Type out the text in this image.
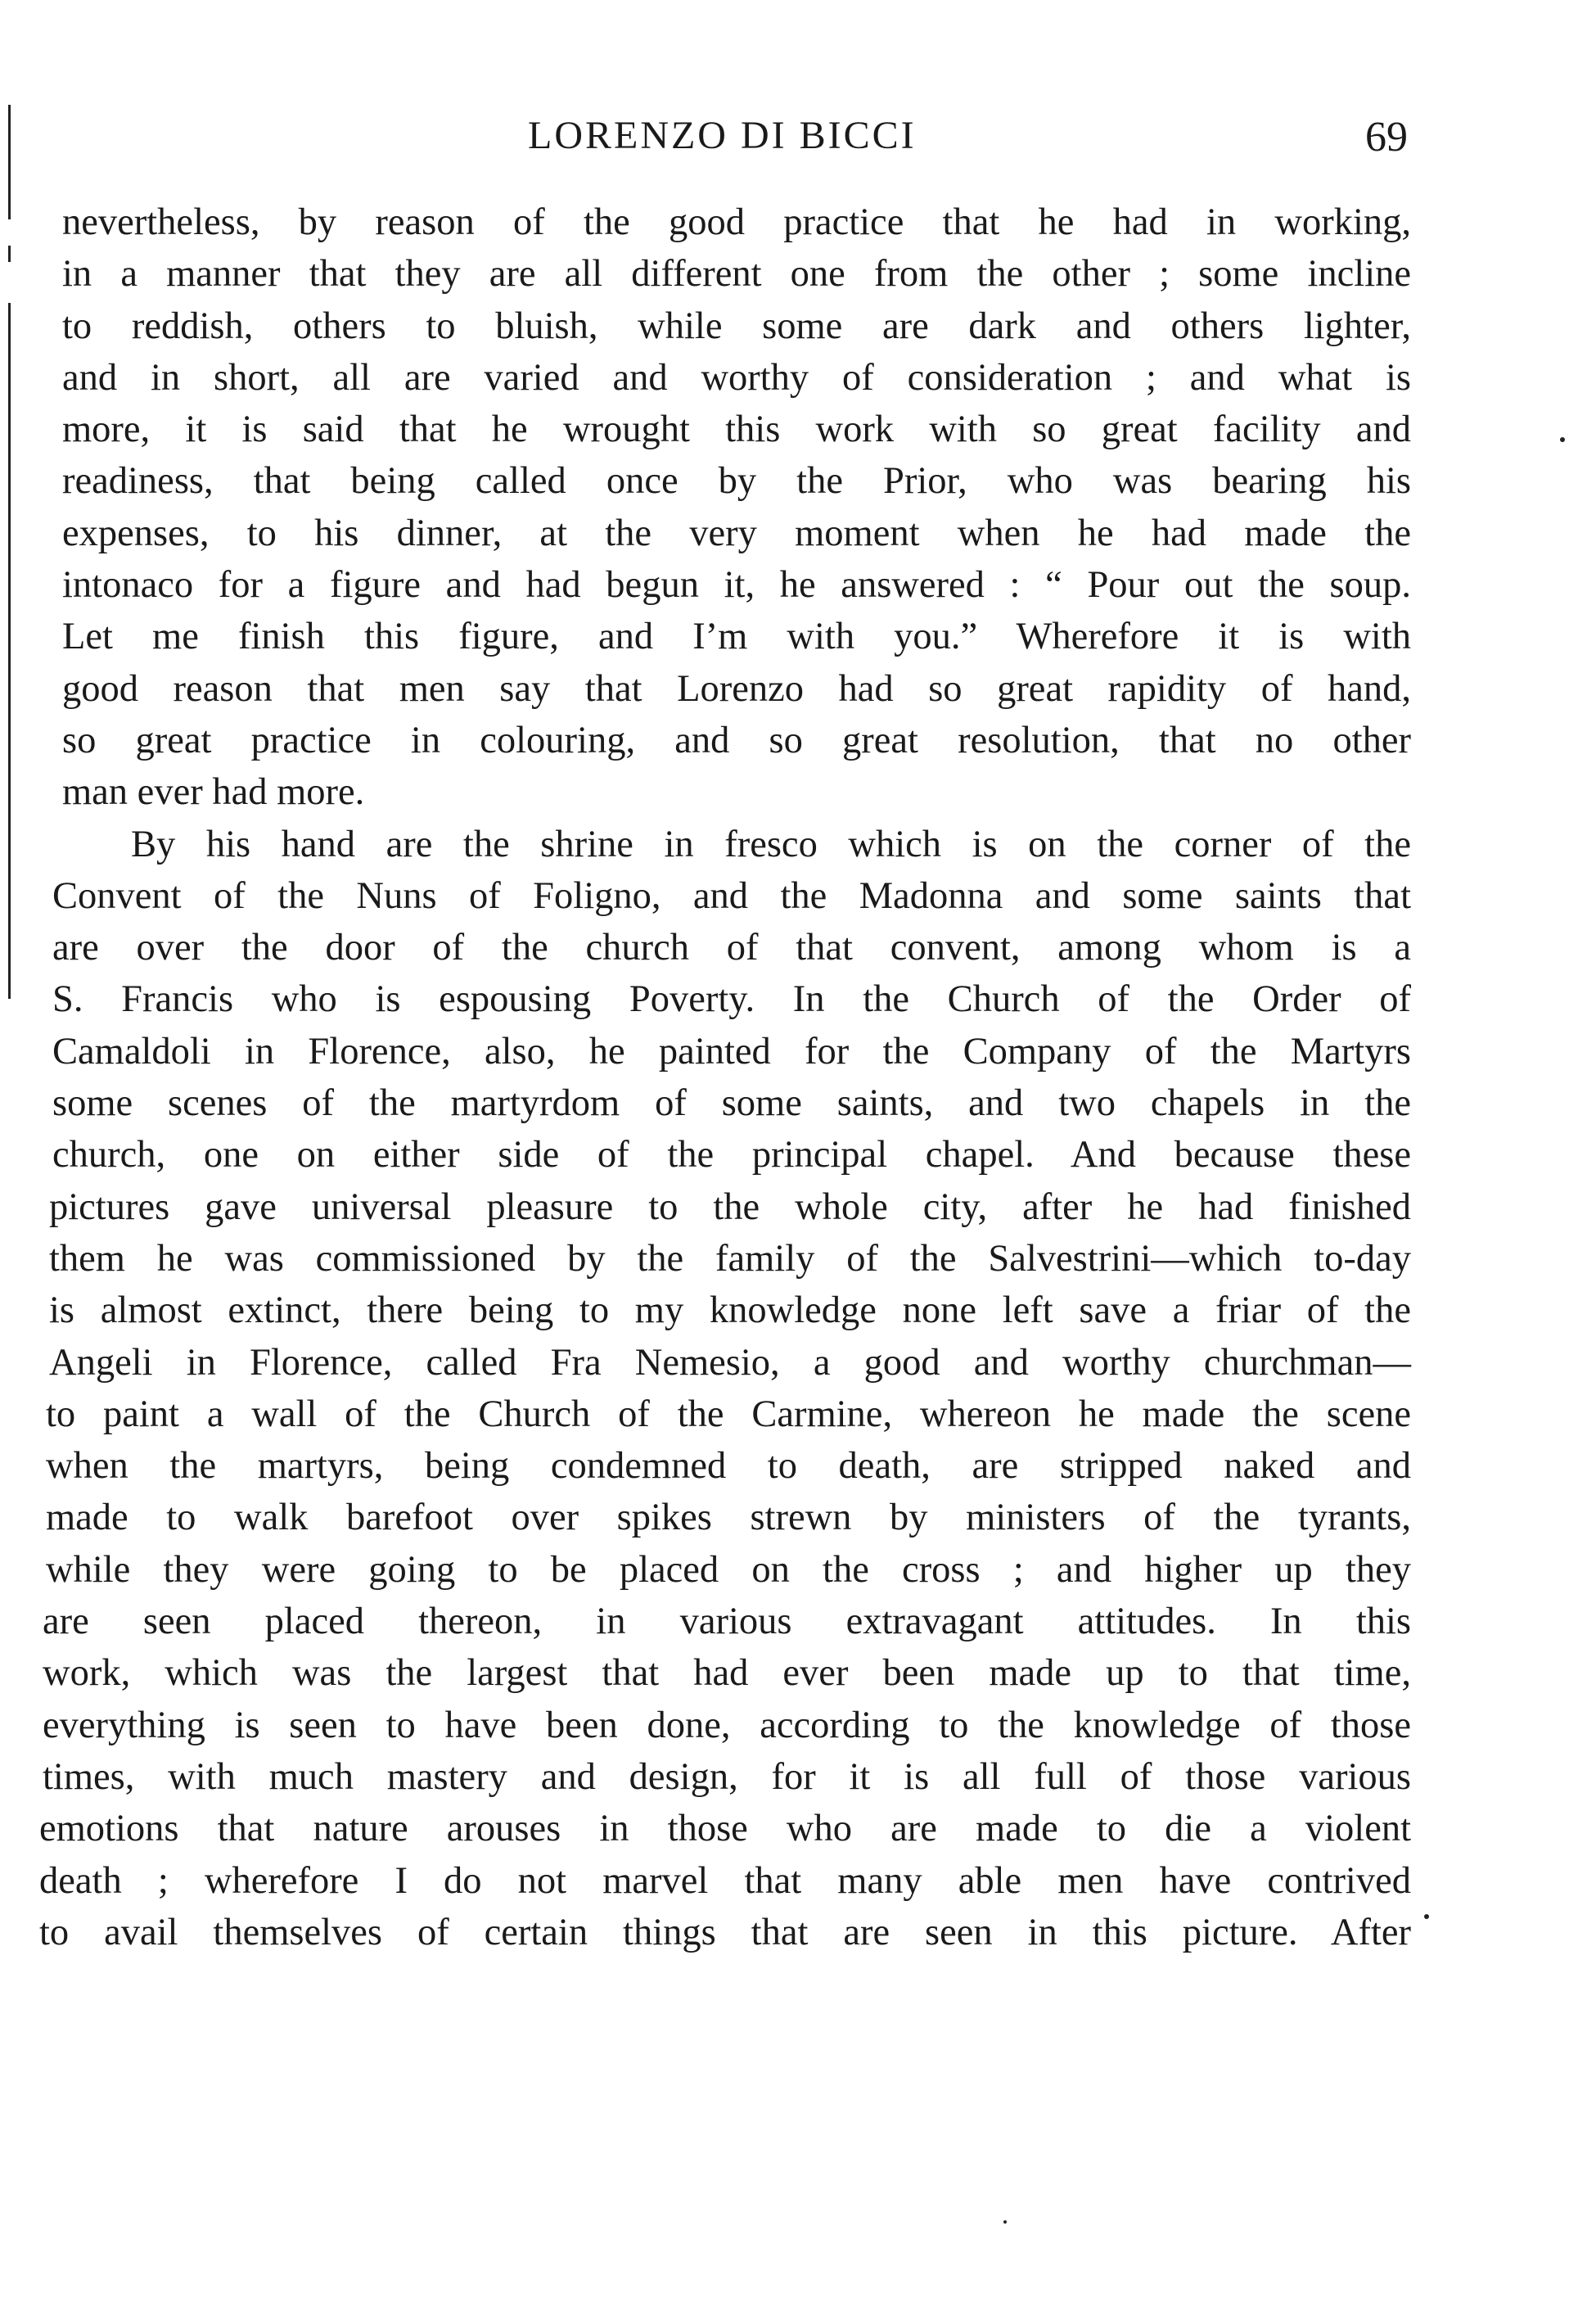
LORENZO DI BICCI	69
nevertheless, by reason of the good practice that he had in working,
in a manner that they are all different one from the other ; some incline
to reddish, others to bluish, while some are dark and others lighter,
and in short, all are varied and worthy of consideration ; and what is
more, it is said that he wrought this work with so great facility and
readiness, that being called once by the Prior, who was bearing his
expenses, to his dinner, at the very moment when he had made the
intonaco for a figure and had begun it, he answered : “ Pour out the soup.
Let me finish this figure, and I’m with you.” Wherefore it is with
good reason that men say that Lorenzo had so great rapidity of hand,
so great practice in colouring, and so great resolution, that no other
man ever had more.
By his hand are the shrine in fresco which is on the corner of the
Convent of the Nuns of Foligno, and the Madonna and some saints that
are over the door of the church of that convent, among whom is a
S. Francis who is espousing Poverty. In the Church of the Order of
Camaldoli in Florence, also, he painted for the Company of the Martyrs
some scenes of the martyrdom of some saints, and two chapels in the
church, one on either side of the principal chapel. And because these
pictures gave universal pleasure to the whole city, after he had finished
them he was commissioned by the family of the Salvestrini—which to-day
is almost extinct, there being to my knowledge none left save a friar of the
Angeli in Florence, called Fra Nemesio, a good and worthy churchman—
to paint a wall of the Church of the Carmine, whereon he made the scene
when the martyrs, being condemned to death, are stripped naked and
made to walk barefoot over spikes strewn by ministers of the tyrants,
while they were going to be placed on the cross ; and higher up they
are seen placed thereon, in various extravagant attitudes. In this
work, which was the largest that had ever been made up to that time,
everything is seen to have been done, according to the knowledge of those
times, with much mastery and design, for it is all full of those various
emotions that nature arouses in those who are made to die a violent
death ; wherefore I do not marvel that many able men have contrived
to avail themselves of certain things that are seen in this picture. After
